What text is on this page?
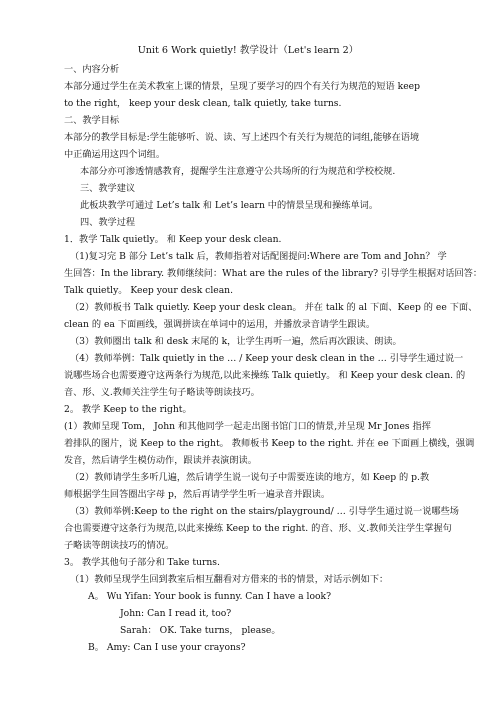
Unit 6 Work quietly! 教学设计（Let's learn 2）
一、内容分析
本部分通过学生在美术教室上课的情景，呈现了要学习的四个有关行为规范的短语 keep
to the right， keep your desk clean, talk quietly, take turns.
二、教学目标
本部分的教学目标是:学生能够听、说、读、写上述四个有关行为规范的词组,能够在语境
中正确运用这四个词组。
本部分亦可渗透情感教育，提醒学生注意遵守公共场所的行为规范和学校校规.
三、教学建议
此板块教学可通过 Let’s talk 和 Let’s learn 中的情景呈现和操练单词。
四、教学过程
1．教学 Talk quietly。 和 Keep your desk clean.
（1)复习完 B 部分 Let’s talk 后，教师指着对话配图提问:Where are Tom and John？ 学
生回答：In the library. 教师继续问：What are the rules of the library? 引导学生根据对话回答：
Talk quietly。 Keep your desk clean.
（2）教师板书 Talk quietly. Keep your desk clean。 并在 talk 的 al 下面、Keep 的 ee 下面、
clean 的 ea 下面画线，强调拼读在单词中的运用，并播放录音请学生跟读。
（3）教师圈出 talk 和 desk 末尾的 k，让学生再听一遍，然后再次跟读、朗读。
（4）教师举例：Talk quietly in the … / Keep your desk clean in the … 引导学生通过说一
说哪些场合也需要遵守这两条行为规范,以此来操练 Talk quietly。 和 Keep your desk clean. 的
音、形、义.教师关注学生句子略读等朗读技巧。
2。 教学 Keep to the right。
(1）教师呈现 Tom， John 和其他同学一起走出图书馆门口的情景,并呈现 Mr Jones 指挥
着排队的图片，说 Keep to the right。 教师板书 Keep to the right. 并在 ee 下面画上横线，强调
发音，然后请学生模仿动作，跟读并表演朗读。
（2）教师请学生多听几遍，然后请学生说一说句子中需要连读的地方，如 Keep 的 p.教
师根据学生回答圈出字母 p，然后再请学学生听一遍录音并跟读。
（3）教师举例:Keep to the right on the stairs/playground/ … 引导学生通过说一说哪些场
合也需要遵守这条行为规范,以此来操练 Keep to the right. 的音、形、义.教师关注学生掌握句
子略读等朗读技巧的情况。
3。 教学其他句子部分和 Take turns.
（1）教师呈现学生回到教室后相互翻看对方借来的书的情景，对话示例如下：
A。 Wu Yifan: Your book is funny. Can I have a look?
John: Can I read it, too?
Sarah： OK. Take turns， please。
B。 Amy: Can I use your crayons?
